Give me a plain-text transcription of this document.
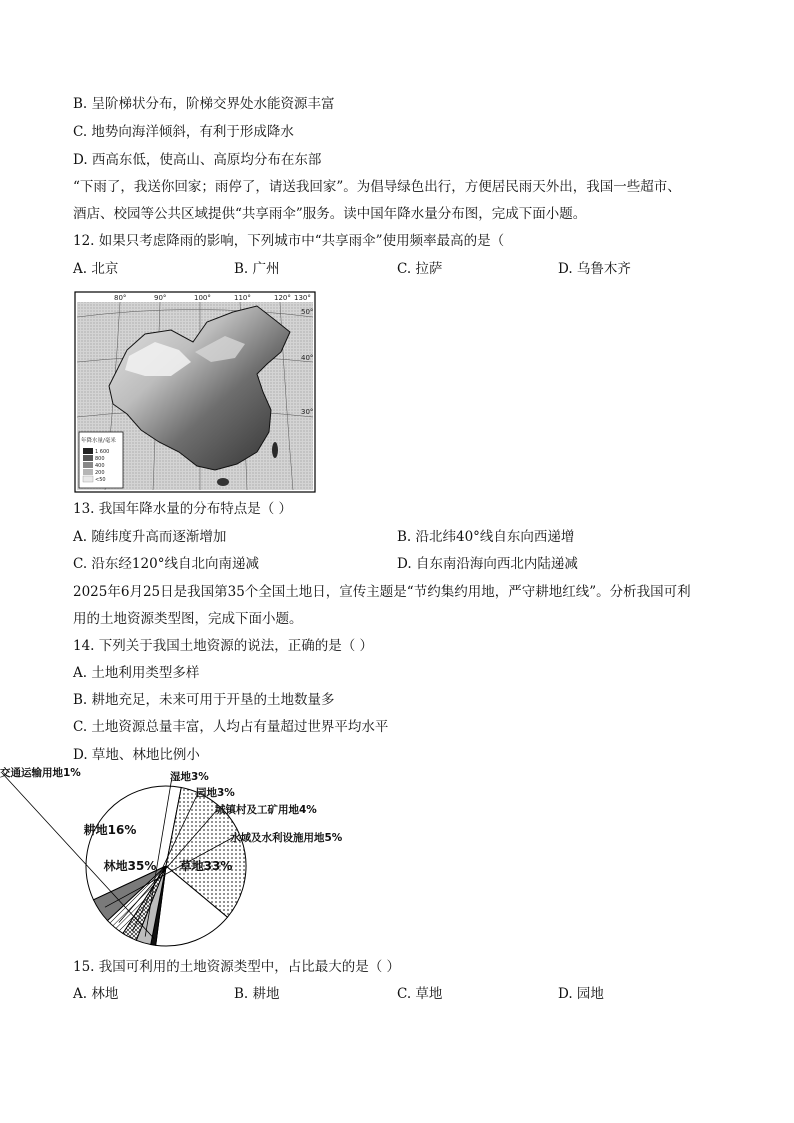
B. 呈阶梯状分布，阶梯交界处水能资源丰富
C. 地势向海洋倾斜，有利于形成降水
D. 西高东低，使高山、高原均分布在东部
“下雨了，我送你回家；雨停了，请送我回家”。为倡导绿色出行，方便居民雨天外出，我国一些超市、
酒店、校园等公共区域提供“共享雨伞”服务。读中国年降水量分布图，完成下面小题。
12. 如果只考虑降雨的影响，下列城市中“共享雨伞”使用频率最高的是（
A. 北京	B. 广州	C. 拉萨	D. 乌鲁木齐
80°	90°	100°	110°	120° 130°
50°
40°
30°
年降水量/毫米
1 600
800
400
200
<50
13. 我国年降水量的分布特点是（ ）
A. 随纬度升高而逐渐增加	B. 沿北纬40°线自东向西递增
C. 沿东经120°线自北向南递减	D. 自东南沿海向西北内陆递减
2025年6月25日是我国第35个全国土地日，宣传主题是“节约集约用地，严守耕地红线”。分析我国可利
用的土地资源类型图，完成下面小题。
14. 下列关于我国土地资源的说法，正确的是（ ）
A. 土地利用类型多样
B. 耕地充足，未来可用于开垦的土地数量多
C. 土地资源总量丰富，人均占有量超过世界平均水平
D. 草地、林地比例小
林地35% 草地33%
耕地16%
交通运输用地1%	湿地3%
园地3%
城镇村及工矿用地4%
水域及水利设施用地5%
15. 我国可利用的土地资源类型中，占比最大的是（ ）
A. 林地	B. 耕地	C. 草地	D. 园地
